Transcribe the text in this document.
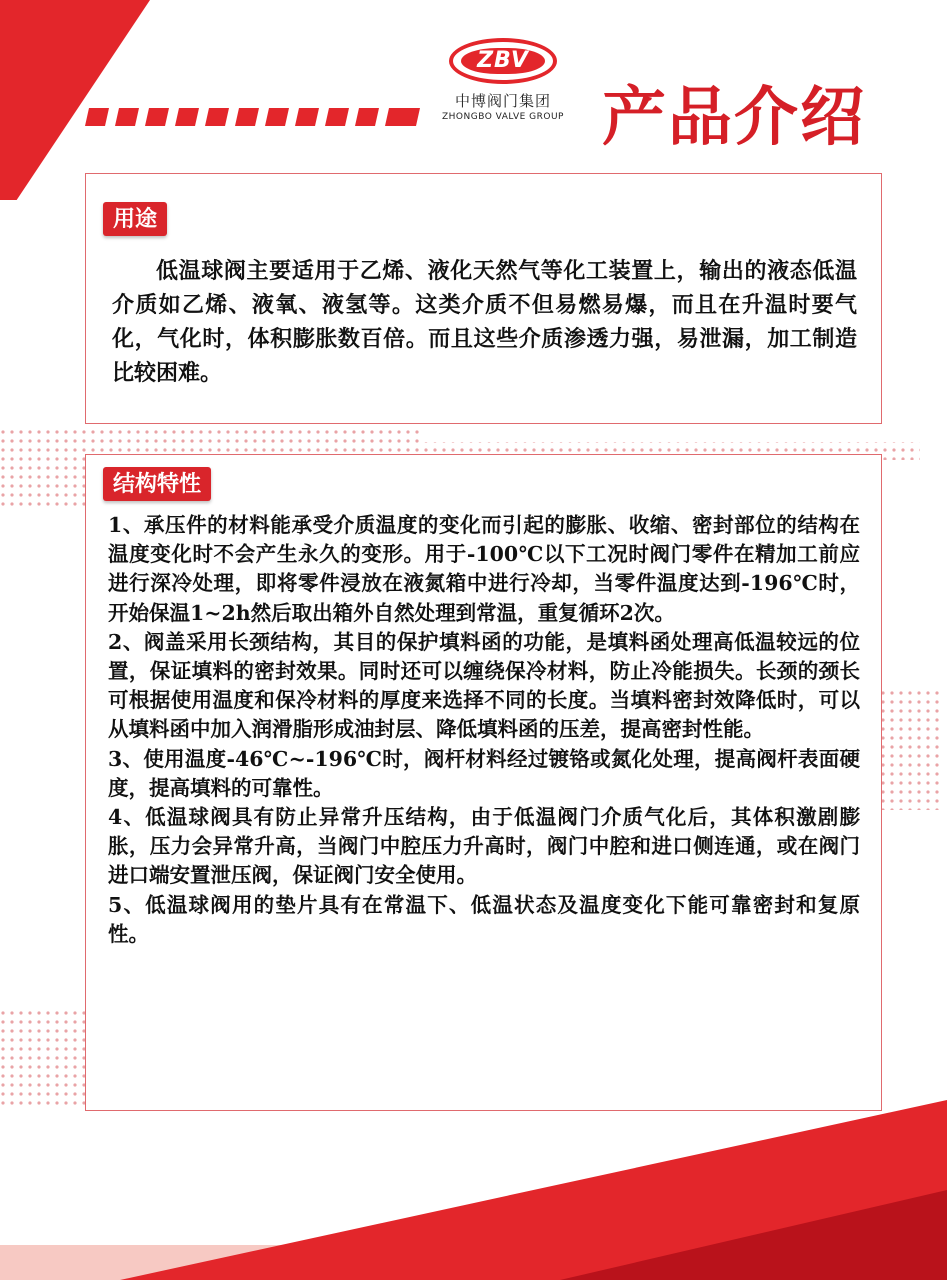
ZBV
中博阀门集团
ZHONGBO VALVE GROUP 产品介绍
用途
低温球阀主要适用于乙烯、液化天然气等化工装置上，输出的液态低温介质如乙烯、液氧、液氢等。这类介质不但易燃易爆，而且在升温时要气化，气化时，体积膨胀数百倍。而且这些介质渗透力强，易泄漏，加工制造比较困难。
结构特性

1、承压件的材料能承受介质温度的变化而引起的膨胀、收缩、密封部位的结构在温度变化时不会产生永久的变形。用于-100℃以下工况时阀门零件在精加工前应进行深冷处理，即将零件浸放在液氮箱中进行冷却，当零件温度达到-196℃时，开始保温1~2h然后取出箱外自然处理到常温，重复循环2次。

2、阀盖采用长颈结构，其目的保护填料函的功能，是填料函处理高低温较远的位置，保证填料的密封效果。同时还可以缠绕保冷材料，防止冷能损失。长颈的颈长可根据使用温度和保冷材料的厚度来选择不同的长度。当填料密封效降低时，可以从填料函中加入润滑脂形成油封层、降低填料函的压差，提高密封性能。

3、使用温度-46℃~-196℃时，阀杆材料经过镀铬或氮化处理，提高阀杆表面硬度，提高填料的可靠性。

4、低温球阀具有防止异常升压结构，由于低温阀门介质气化后，其体积激剧膨胀，压力会异常升高，当阀门中腔压力升高时，阀门中腔和进口侧连通，或在阀门进口端安置泄压阀，保证阀门安全使用。

5、低温球阀用的垫片具有在常温下、低温状态及温度变化下能可靠密封和复原性。
